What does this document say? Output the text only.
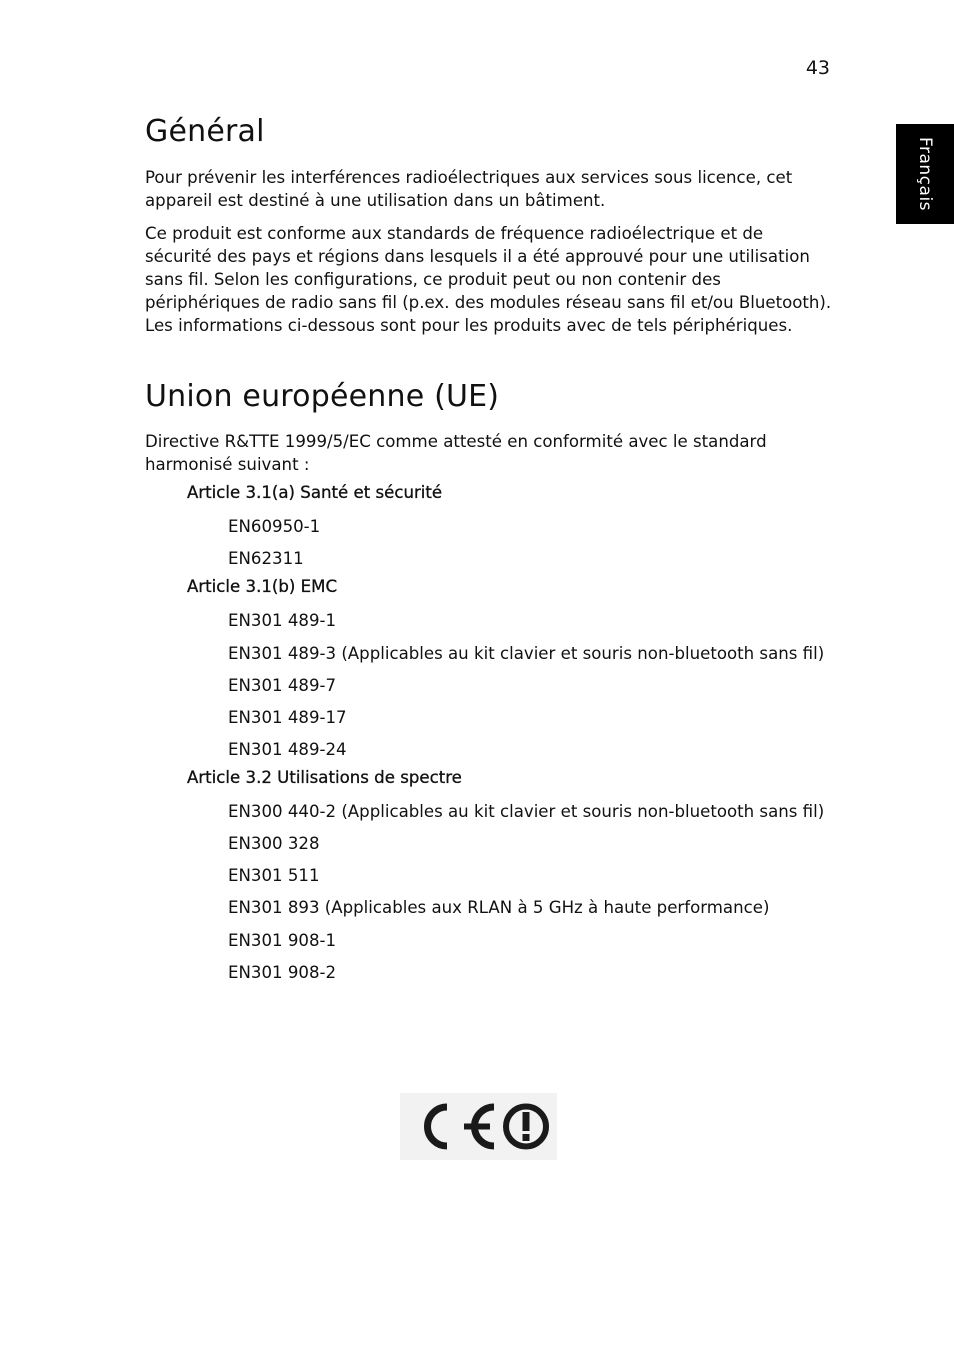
43
Français
Général

Pour prévenir les interférences radioélectriques aux services sous licence, cet appareil est destiné à une utilisation dans un bâtiment.

Ce produit est conforme aux standards de fréquence radioélectrique et de sécurité des pays et régions dans lesquels il a été approuvé pour une utilisation sans fil. Selon les configurations, ce produit peut ou non contenir des périphériques de radio sans fil (p.ex. des modules réseau sans fil et/ou Bluetooth). Les informations ci-dessous sont pour les produits avec de tels périphériques.

Union européenne (UE)

Directive R&TTE 1999/5/EC comme attesté en conformité avec le standard harmonisé suivant :

Article 3.1(a) Santé et sécurité

EN60950-1

EN62311

Article 3.1(b) EMC

EN301 489-1

EN301 489-3 (Applicables au kit clavier et souris non-bluetooth sans fil)

EN301 489-7

EN301 489-17

EN301 489-24

Article 3.2 Utilisations de spectre

EN300 440-2 (Applicables au kit clavier et souris non-bluetooth sans fil)

EN300 328

EN301 511

EN301 893 (Applicables aux RLAN à 5 GHz à haute performance)

EN301 908-1

EN301 908-2
